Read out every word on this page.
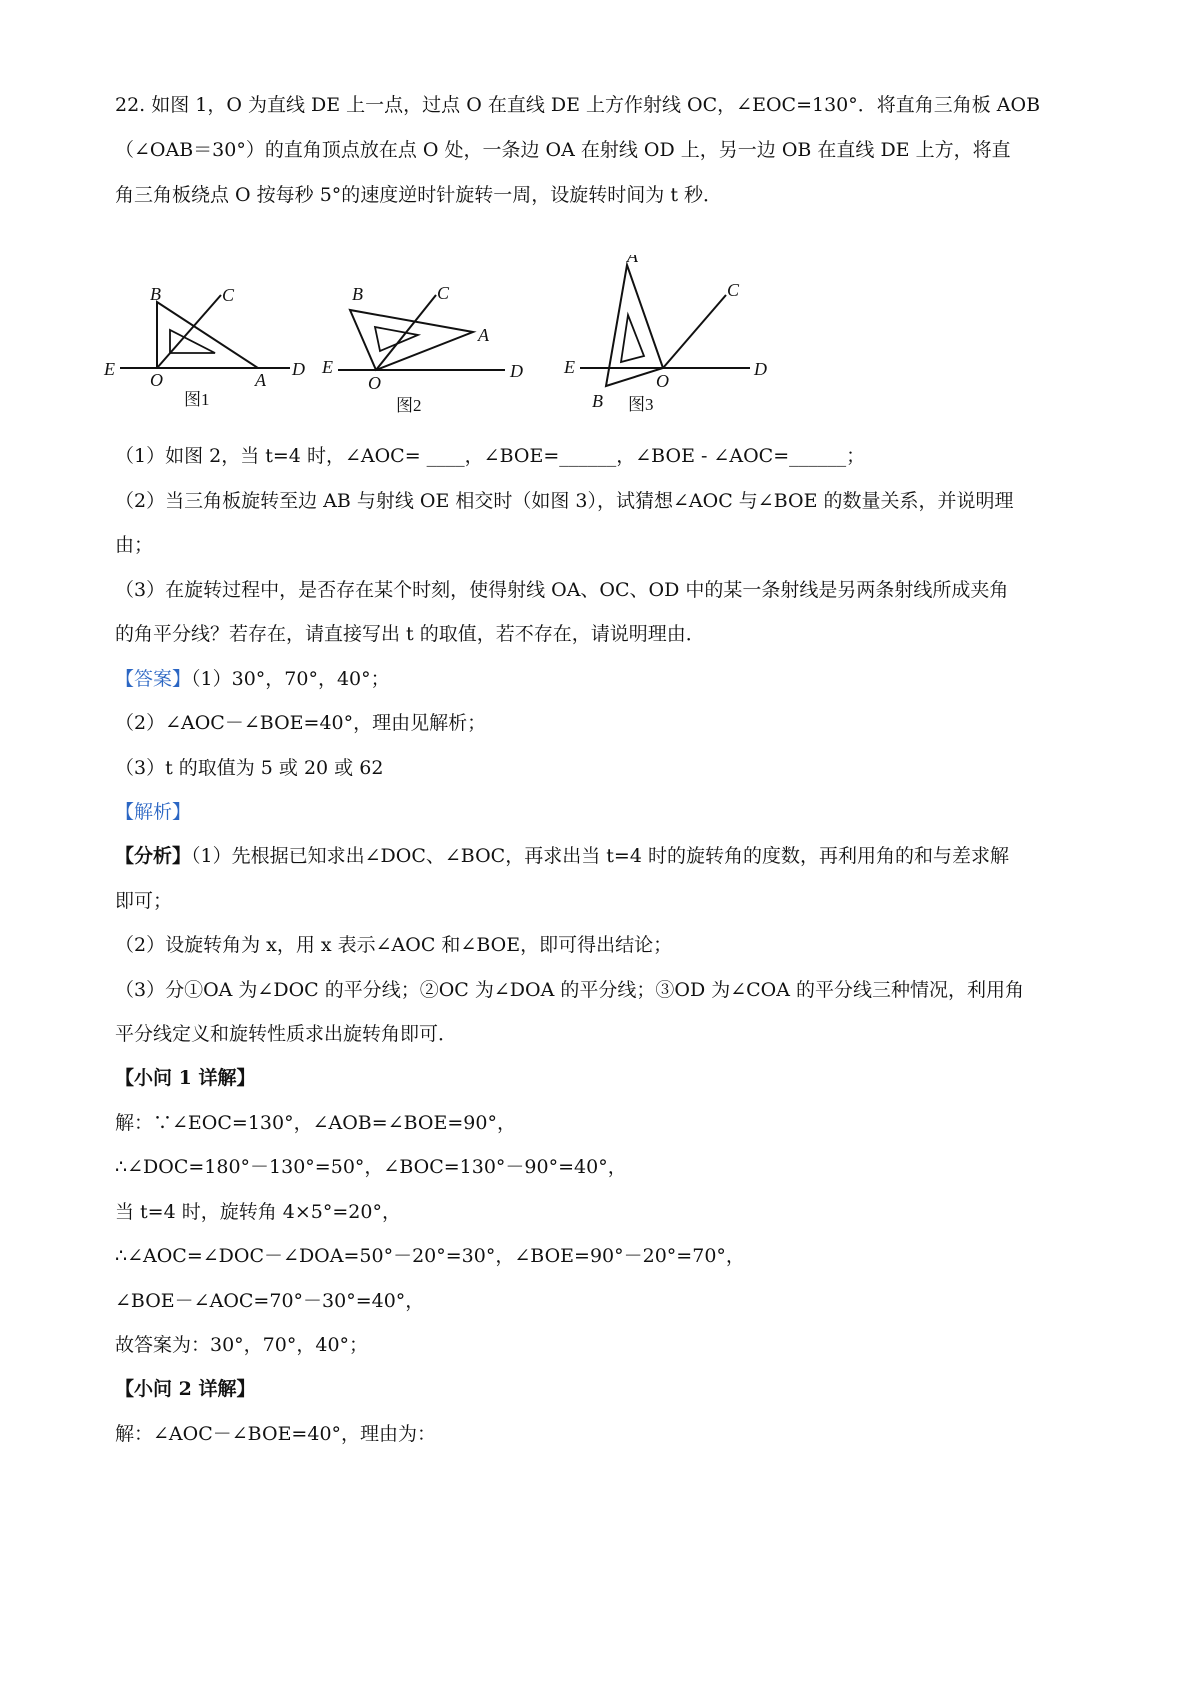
22. 如图 1，O 为直线 DE 上一点，过点 O 在直线 DE 上方作射线 OC，∠EOC=130°．将直角三角板 AOB
（∠OAB＝30°）的直角顶点放在点 O 处，一条边 OA 在射线 OD 上，另一边 OB 在直线 DE 上方，将直
角三角板绕点 O 按每秒 5°的速度逆时针旋转一周，设旋转时间为 t 秒．
B	C
E
O	A
D
图1
B	C
A
E
O
D
图2
A
C
E
O
D
B 图3
（1）如图 2，当 t=4 时，∠AOC= ____，∠BOE=______，∠BOE - ∠AOC=______；
（2）当三角板旋转至边 AB 与射线 OE 相交时（如图 3），试猜想∠AOC 与∠BOE 的数量关系，并说明理
由；
（3）在旋转过程中，是否存在某个时刻，使得射线 OA、OC、OD 中的某一条射线是另两条射线所成夹角
的角平分线？若存在，请直接写出 t 的取值，若不存在，请说明理由．
【答案】（1）30°，70°，40°；
（2）∠AOC－∠BOE=40°，理由见解析；
（3）t 的取值为 5 或 20 或 62
【解析】
【分析】（1）先根据已知求出∠DOC、∠BOC，再求出当 t=4 时的旋转角的度数，再利用角的和与差求解
即可；
（2）设旋转角为 x，用 x 表示∠AOC 和∠BOE，即可得出结论；
（3）分①OA 为∠DOC 的平分线；②OC 为∠DOA 的平分线；③OD 为∠COA 的平分线三种情况，利用角
平分线定义和旋转性质求出旋转角即可．
【小问 1 详解】
解：∵∠EOC=130°，∠AOB=∠BOE=90°，
∴∠DOC=180°－130°=50°，∠BOC=130°－90°=40°，
当 t=4 时，旋转角 4×5°=20°，
∴∠AOC=∠DOC－∠DOA=50°－20°=30°，∠BOE=90°－20°=70°，
∠BOE－∠AOC=70°－30°=40°，
故答案为：30°，70°，40°；
【小问 2 详解】
解：∠AOC－∠BOE=40°，理由为：
